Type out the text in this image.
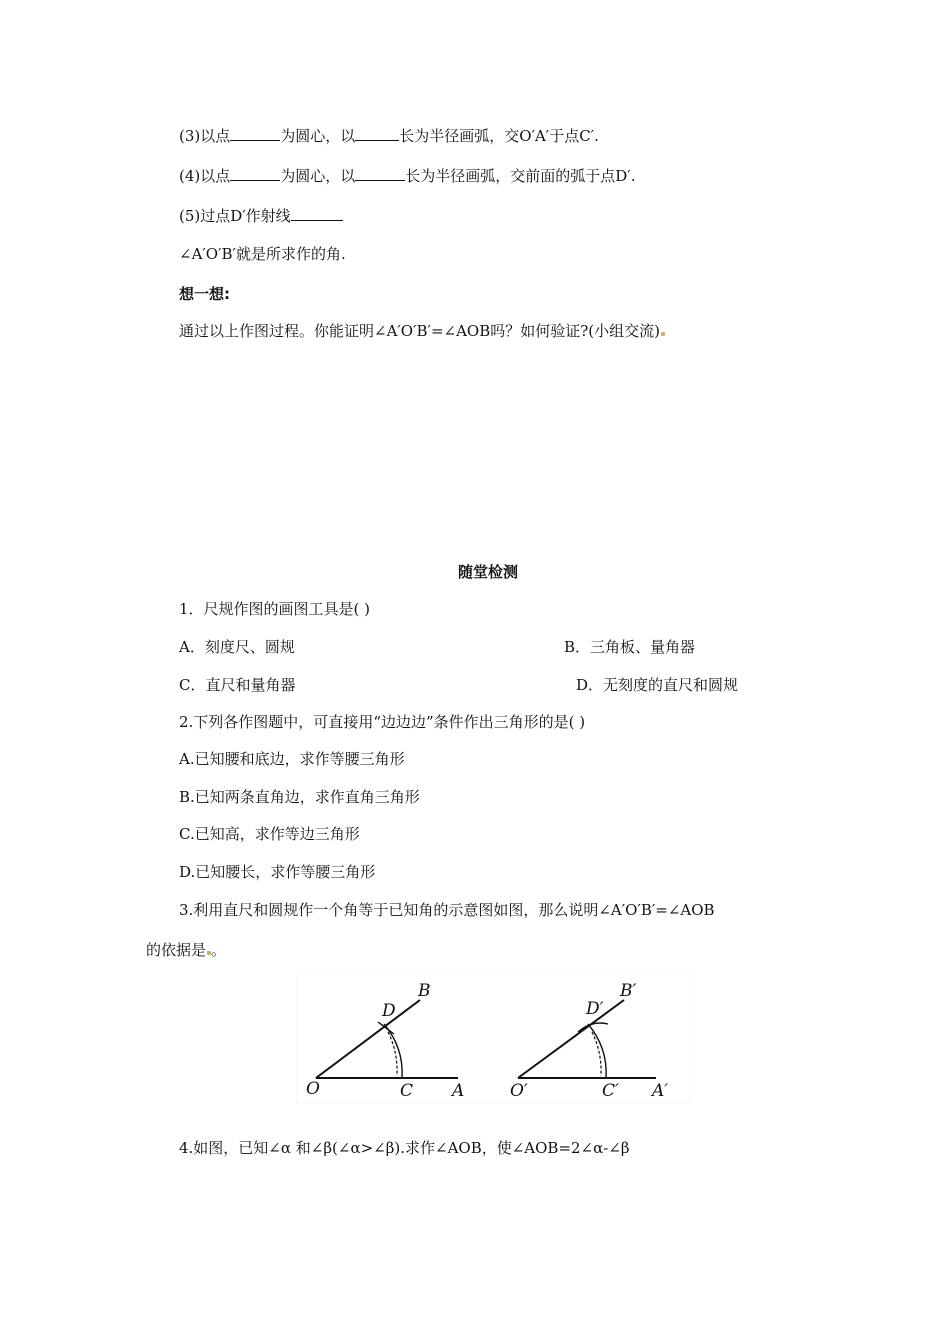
(3)以点	为圆心，以	长为半径画弧，交O′A′于点C′.
(4)以点	为圆心，以	长为半径画弧，交前面的弧于点D′.
(5)过点D′作射线
∠A′O′B′就是所求作的角.
想一想:
通过以上作图过程。你能证明∠A′O′B′=∠AOB吗？如何验证?(小组交流)
随堂检测
1．尺规作图的画图工具是( )
A．刻度尺、圆规	B．三角板、量角器
C．直尺和量角器	D．无刻度的直尺和圆规
2.下列各作图题中，可直接用“边边边”条件作出三角形的是( )
A.已知腰和底边，求作等腰三角形
B.已知两条直角边，求作直角三角形
C.已知高，求作等边三角形
D.已知腰长，求作等腰三角形
3.利用直尺和圆规作一个角等于已知角的示意图如图，那么说明∠A′O′B′=∠AOB
的依据是 。
O	C A
B
D
O′	C′ A′
B′
D′
4.如图，已知∠α 和∠β(∠α>∠β).求作∠AOB，使∠AOB=2∠α-∠β
